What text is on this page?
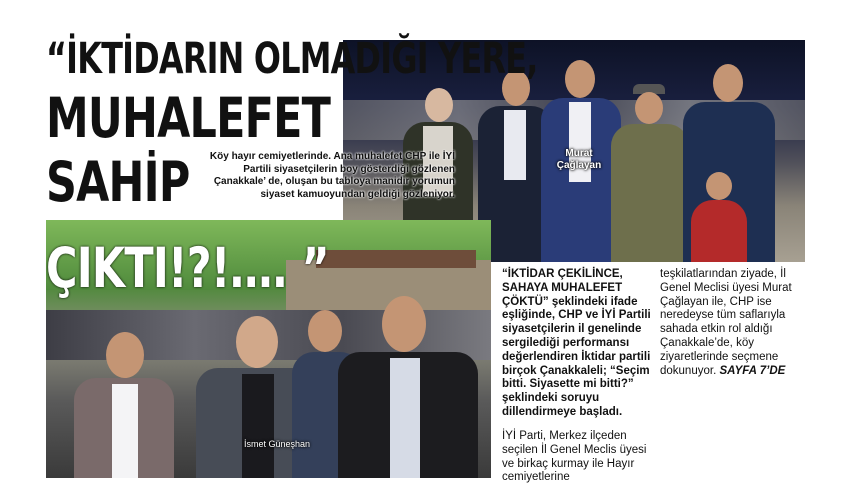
Murat Çağlayan
İsmet Güneşhan
“İKTİDARIN OLMADIĞI YERE,
MUHALEFET
SAHİP
ÇIKTI!?!…. ”
Köy hayır cemiyetlerinde. Ana muhalefet CHP ile İYİ Partili siyasetçilerin boy gösterdiği gözlenen Çanakkale’ de, oluşan bu tabloya manidir yorumun siyaset kamuoyundan geldiği gözleniyor.
“İKTİDAR ÇEKİLİNCE, SAHAYA MUHALEFET ÇÖKTÜ” şeklindeki ifade eşliğinde, CHP ve İYİ Partili siyasetçilerin il genelinde sergilediği performansı değerlendiren İktidar partili birçok Çanakkaleli; “Seçim bitti. Siyasette mi bitti?” şeklindeki soruyu dillendirmeye başladı.
İYİ Parti, Merkez ilçeden seçilen İl Genel Meclis üyesi ve birkaç kurmay ile Hayır cemiyetlerine
teşkilatlarından ziyade, İl Genel Meclisi üyesi Murat Çağlayan ile, CHP ise neredeyse tüm saflarıyla sahada etkin rol aldığı Çanakkale’de, köy ziyaretlerinde seçmene dokunuyor. SAYFA 7’DE
